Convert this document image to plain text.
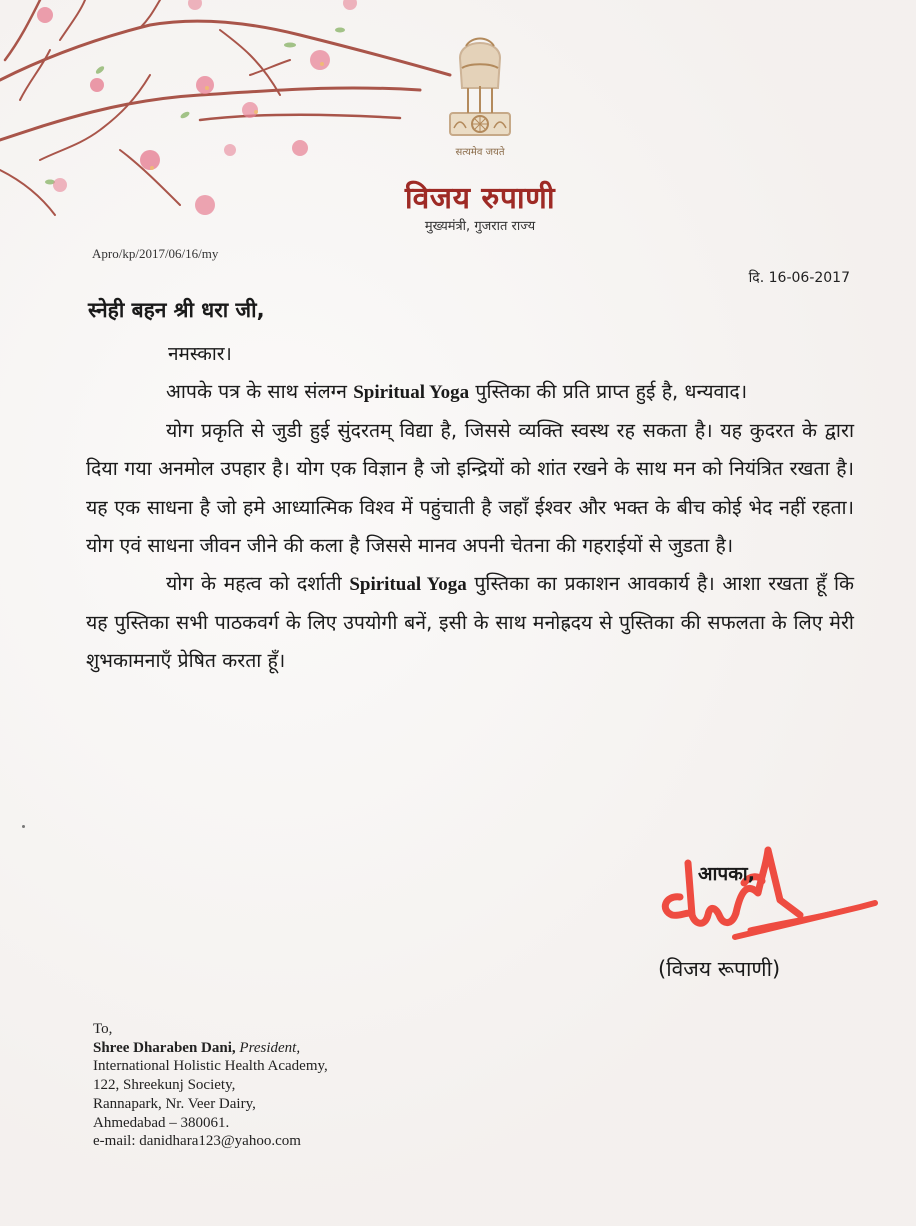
सत्यमेव जयते
विजय रुपाणी
मुख्यमंत्री, गुजरात राज्य
Apro/kp/2017/06/16/my
दि. 16-06-2017
स्नेही बहन श्री धरा जी,
नमस्कार।

आपके पत्र के साथ संलग्न Spiritual Yoga पुस्तिका की प्रति प्राप्त हुई है, धन्यवाद।

योग प्रकृति से जुडी हुई सुंदरतम् विद्या है, जिससे व्यक्ति स्वस्थ रह सकता है। यह कुदरत के द्वारा दिया गया अनमोल उपहार है। योग एक विज्ञान है जो इन्द्रियों को शांत रखने के साथ मन को नियंत्रित रखता है। यह एक साधना है जो हमे आध्यात्मिक विश्व में पहुंचाती है जहाँ ईश्वर और भक्त के बीच कोई भेद नहीं रहता। योग एवं साधना जीवन जीने की कला है जिससे मानव अपनी चेतना की गहराईयों से जुडता है।

योग के महत्व को दर्शाती Spiritual Yoga पुस्तिका का प्रकाशन आवकार्य है। आशा रखता हूँ कि यह पुस्तिका सभी पाठकवर्ग के लिए उपयोगी बनें, इसी के साथ मनोह्रदय से पुस्तिका की सफलता के लिए मेरी शुभकामनाएँ प्रेषित करता हूँ।

आपका,
(विजय रूपाणी)
To,
Shree Dharaben Dani, President,
International Holistic Health Academy,
122, Shreekunj Society,
Rannapark, Nr. Veer Dairy,
Ahmedabad – 380061.
e-mail: danidhara123@yahoo.com
